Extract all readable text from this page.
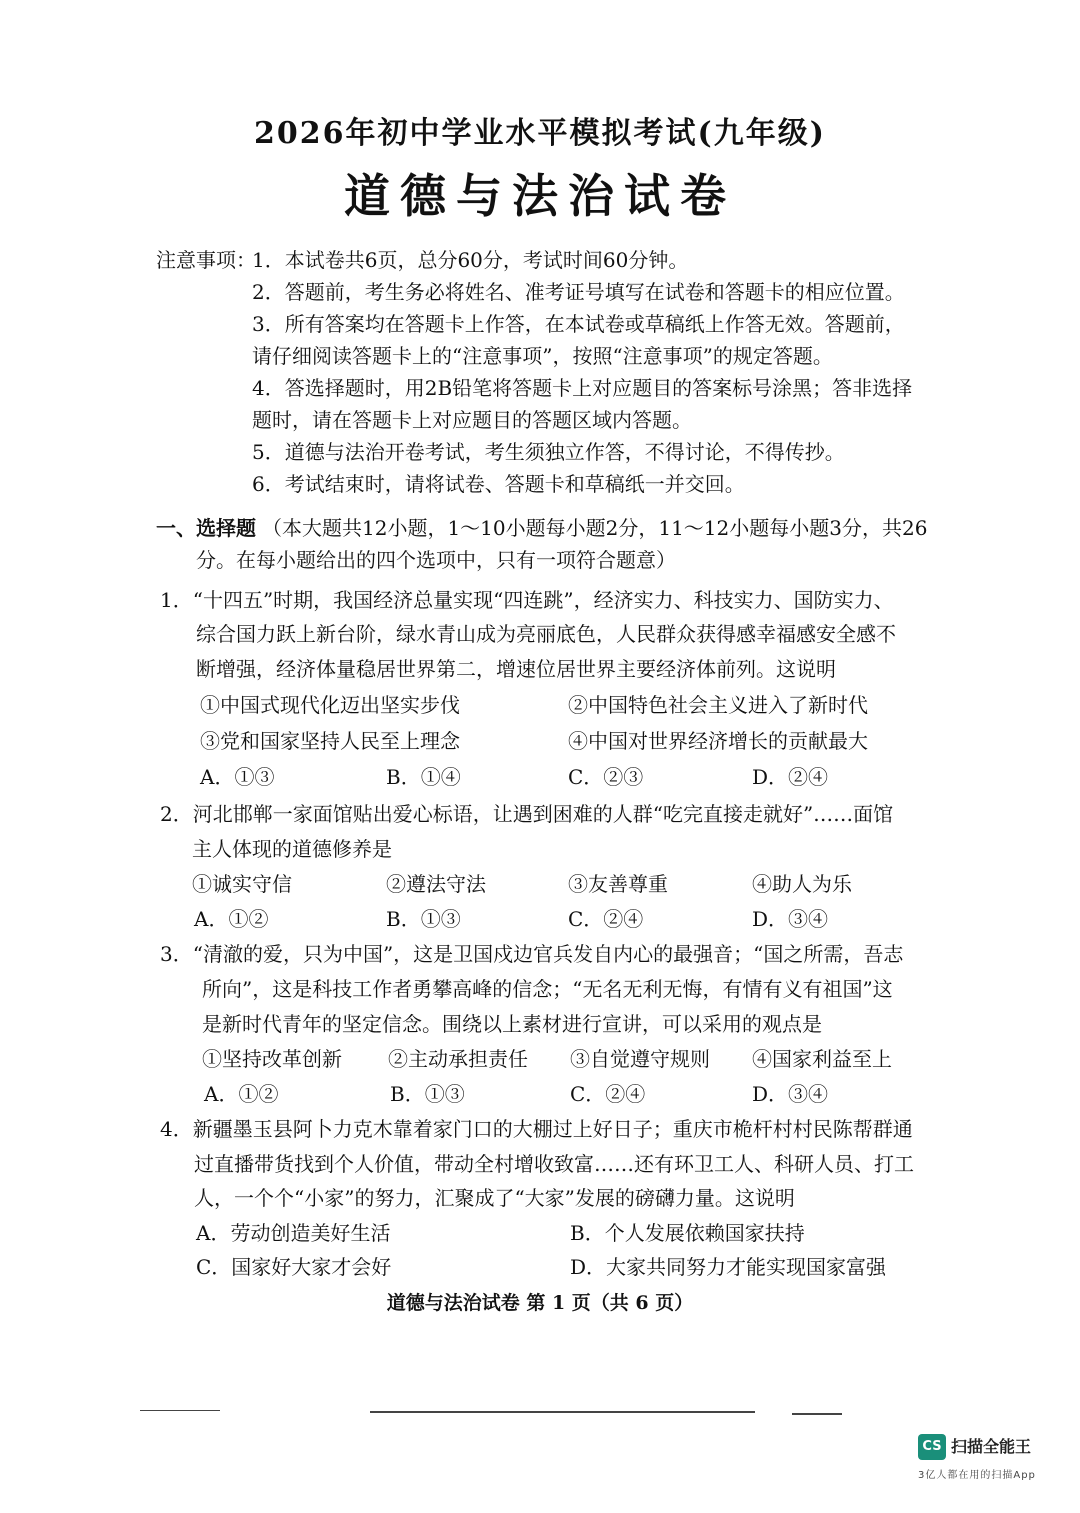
2026年初中学业水平模拟考试(九年级)
道德与法治试卷
注意事项：
1．本试卷共6页，总分60分，考试时间60分钟。
2．答题前，考生务必将姓名、准考证号填写在试卷和答题卡的相应位置。
3．所有答案均在答题卡上作答，在本试卷或草稿纸上作答无效。答题前，
请仔细阅读答题卡上的“注意事项”，按照“注意事项”的规定答题。
4．答选择题时，用2B铅笔将答题卡上对应题目的答案标号涂黑；答非选择
题时，请在答题卡上对应题目的答题区域内答题。
5．道德与法治开卷考试，考生须独立作答，不得讨论，不得传抄。
6．考试结束时，请将试卷、答题卡和草稿纸一并交回。
一、选择题 （本大题共12小题，1～10小题每小题2分，11～12小题每小题3分，共26
分。在每小题给出的四个选项中，只有一项符合题意）
1．“十四五”时期，我国经济总量实现“四连跳”，经济实力、科技实力、国防实力、
综合国力跃上新台阶，绿水青山成为亮丽底色，人民群众获得感幸福感安全感不
断增强，经济体量稳居世界第二，增速位居世界主要经济体前列。这说明
①中国式现代化迈出坚实步伐	②中国特色社会主义进入了新时代
③党和国家坚持人民至上理念	④中国对世界经济增长的贡献最大
A．①③	B．①④	C．②③	D．②④
2．河北邯郸一家面馆贴出爱心标语，让遇到困难的人群“吃完直接走就好”……面馆
主人体现的道德修养是
①诚实守信	②遵法守法	③友善尊重	④助人为乐
A．①②	B．①③	C．②④	D．③④
3．“清澈的爱，只为中国”，这是卫国戍边官兵发自内心的最强音；“国之所需，吾志
所向”，这是科技工作者勇攀高峰的信念；“无名无利无悔，有情有义有祖国”这
是新时代青年的坚定信念。围绕以上素材进行宣讲，可以采用的观点是
①坚持改革创新 ②主动承担责任 ③自觉遵守规则 ④国家利益至上
A．①②	B．①③	C．②④	D．③④
4．新疆墨玉县阿卜力克木靠着家门口的大棚过上好日子；重庆市桅杆村村民陈帮群通
过直播带货找到个人价值，带动全村增收致富……还有环卫工人、科研人员、打工
人，一个个“小家”的努力，汇聚成了“大家”发展的磅礴力量。这说明
A．劳动创造美好生活	B．个人发展依赖国家扶持
C．国家好大家才会好	D．大家共同努力才能实现国家富强
道德与法治试卷 第 1 页（共 6 页）
CS 扫描全能王
3亿人都在用的扫描App
